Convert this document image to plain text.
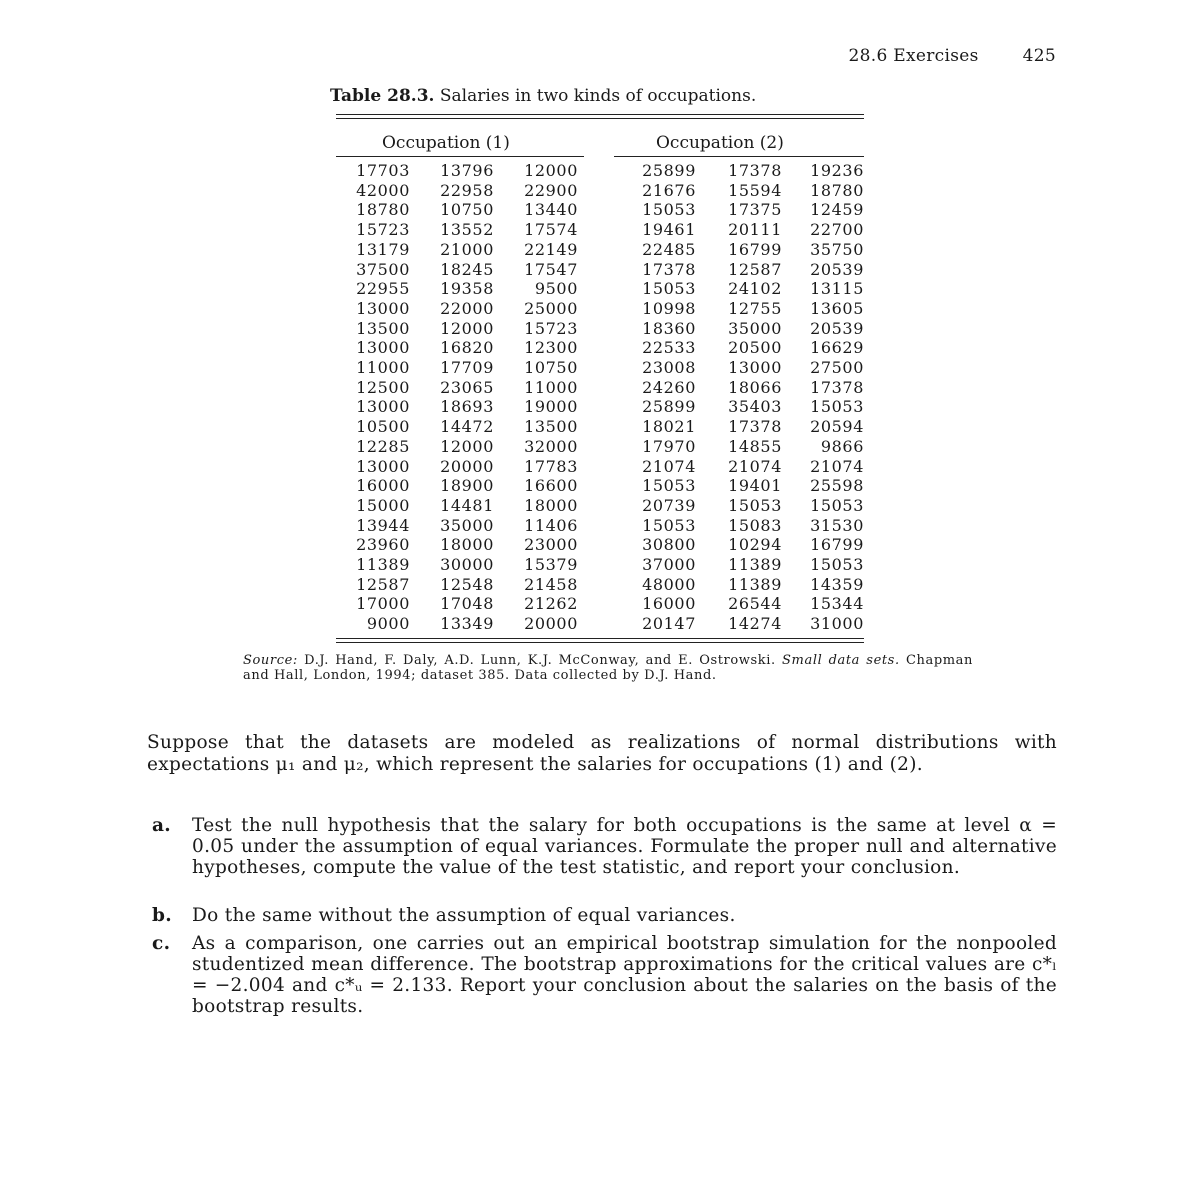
28.6 Exercises	425
Table 28.3. Salaries in two kinds of occupations.
Occupation (1)	Occupation (2)
17703	13796	12000		25899	17378	19236
42000	22958	22900		21676	15594	18780
18780	10750	13440		15053	17375	12459
15723	13552	17574		19461	20111	22700
13179	21000	22149		22485	16799	35750
37500	18245	17547		17378	12587	20539
22955	19358	9500		15053	24102	13115
13000	22000	25000		10998	12755	13605
13500	12000	15723		18360	35000	20539
13000	16820	12300		22533	20500	16629
11000	17709	10750		23008	13000	27500
12500	23065	11000		24260	18066	17378
13000	18693	19000		25899	35403	15053
10500	14472	13500		18021	17378	20594
12285	12000	32000		17970	14855	9866
13000	20000	17783		21074	21074	21074
16000	18900	16600		15053	19401	25598
15000	14481	18000		20739	15053	15053
13944	35000	11406		15053	15083	31530
23960	18000	23000		30800	10294	16799
11389	30000	15379		37000	11389	15053
12587	12548	21458		48000	11389	14359
17000	17048	21262		16000	26544	15344
9000	13349	20000		20147	14274	31000
Source: D.J. Hand, F. Daly, A.D. Lunn, K.J. McConway, and E. Ostrowski. Small data sets. Chapman and Hall, London, 1994; dataset 385. Data collected by D.J. Hand.
Suppose that the datasets are modeled as realizations of normal distributions with expectations μ₁ and μ₂, which represent the salaries for occupations (1) and (2).
a. Test the null hypothesis that the salary for both occupations is the same at level α = 0.05 under the assumption of equal variances. Formulate the proper null and alternative hypotheses, compute the value of the test statistic, and report your conclusion.
b. Do the same without the assumption of equal variances.
c. As a comparison, one carries out an empirical bootstrap simulation for the nonpooled studentized mean difference. The bootstrap approximations for the critical values are c*ₗ = −2.004 and c*ᵤ = 2.133. Report your conclusion about the salaries on the basis of the bootstrap results.
